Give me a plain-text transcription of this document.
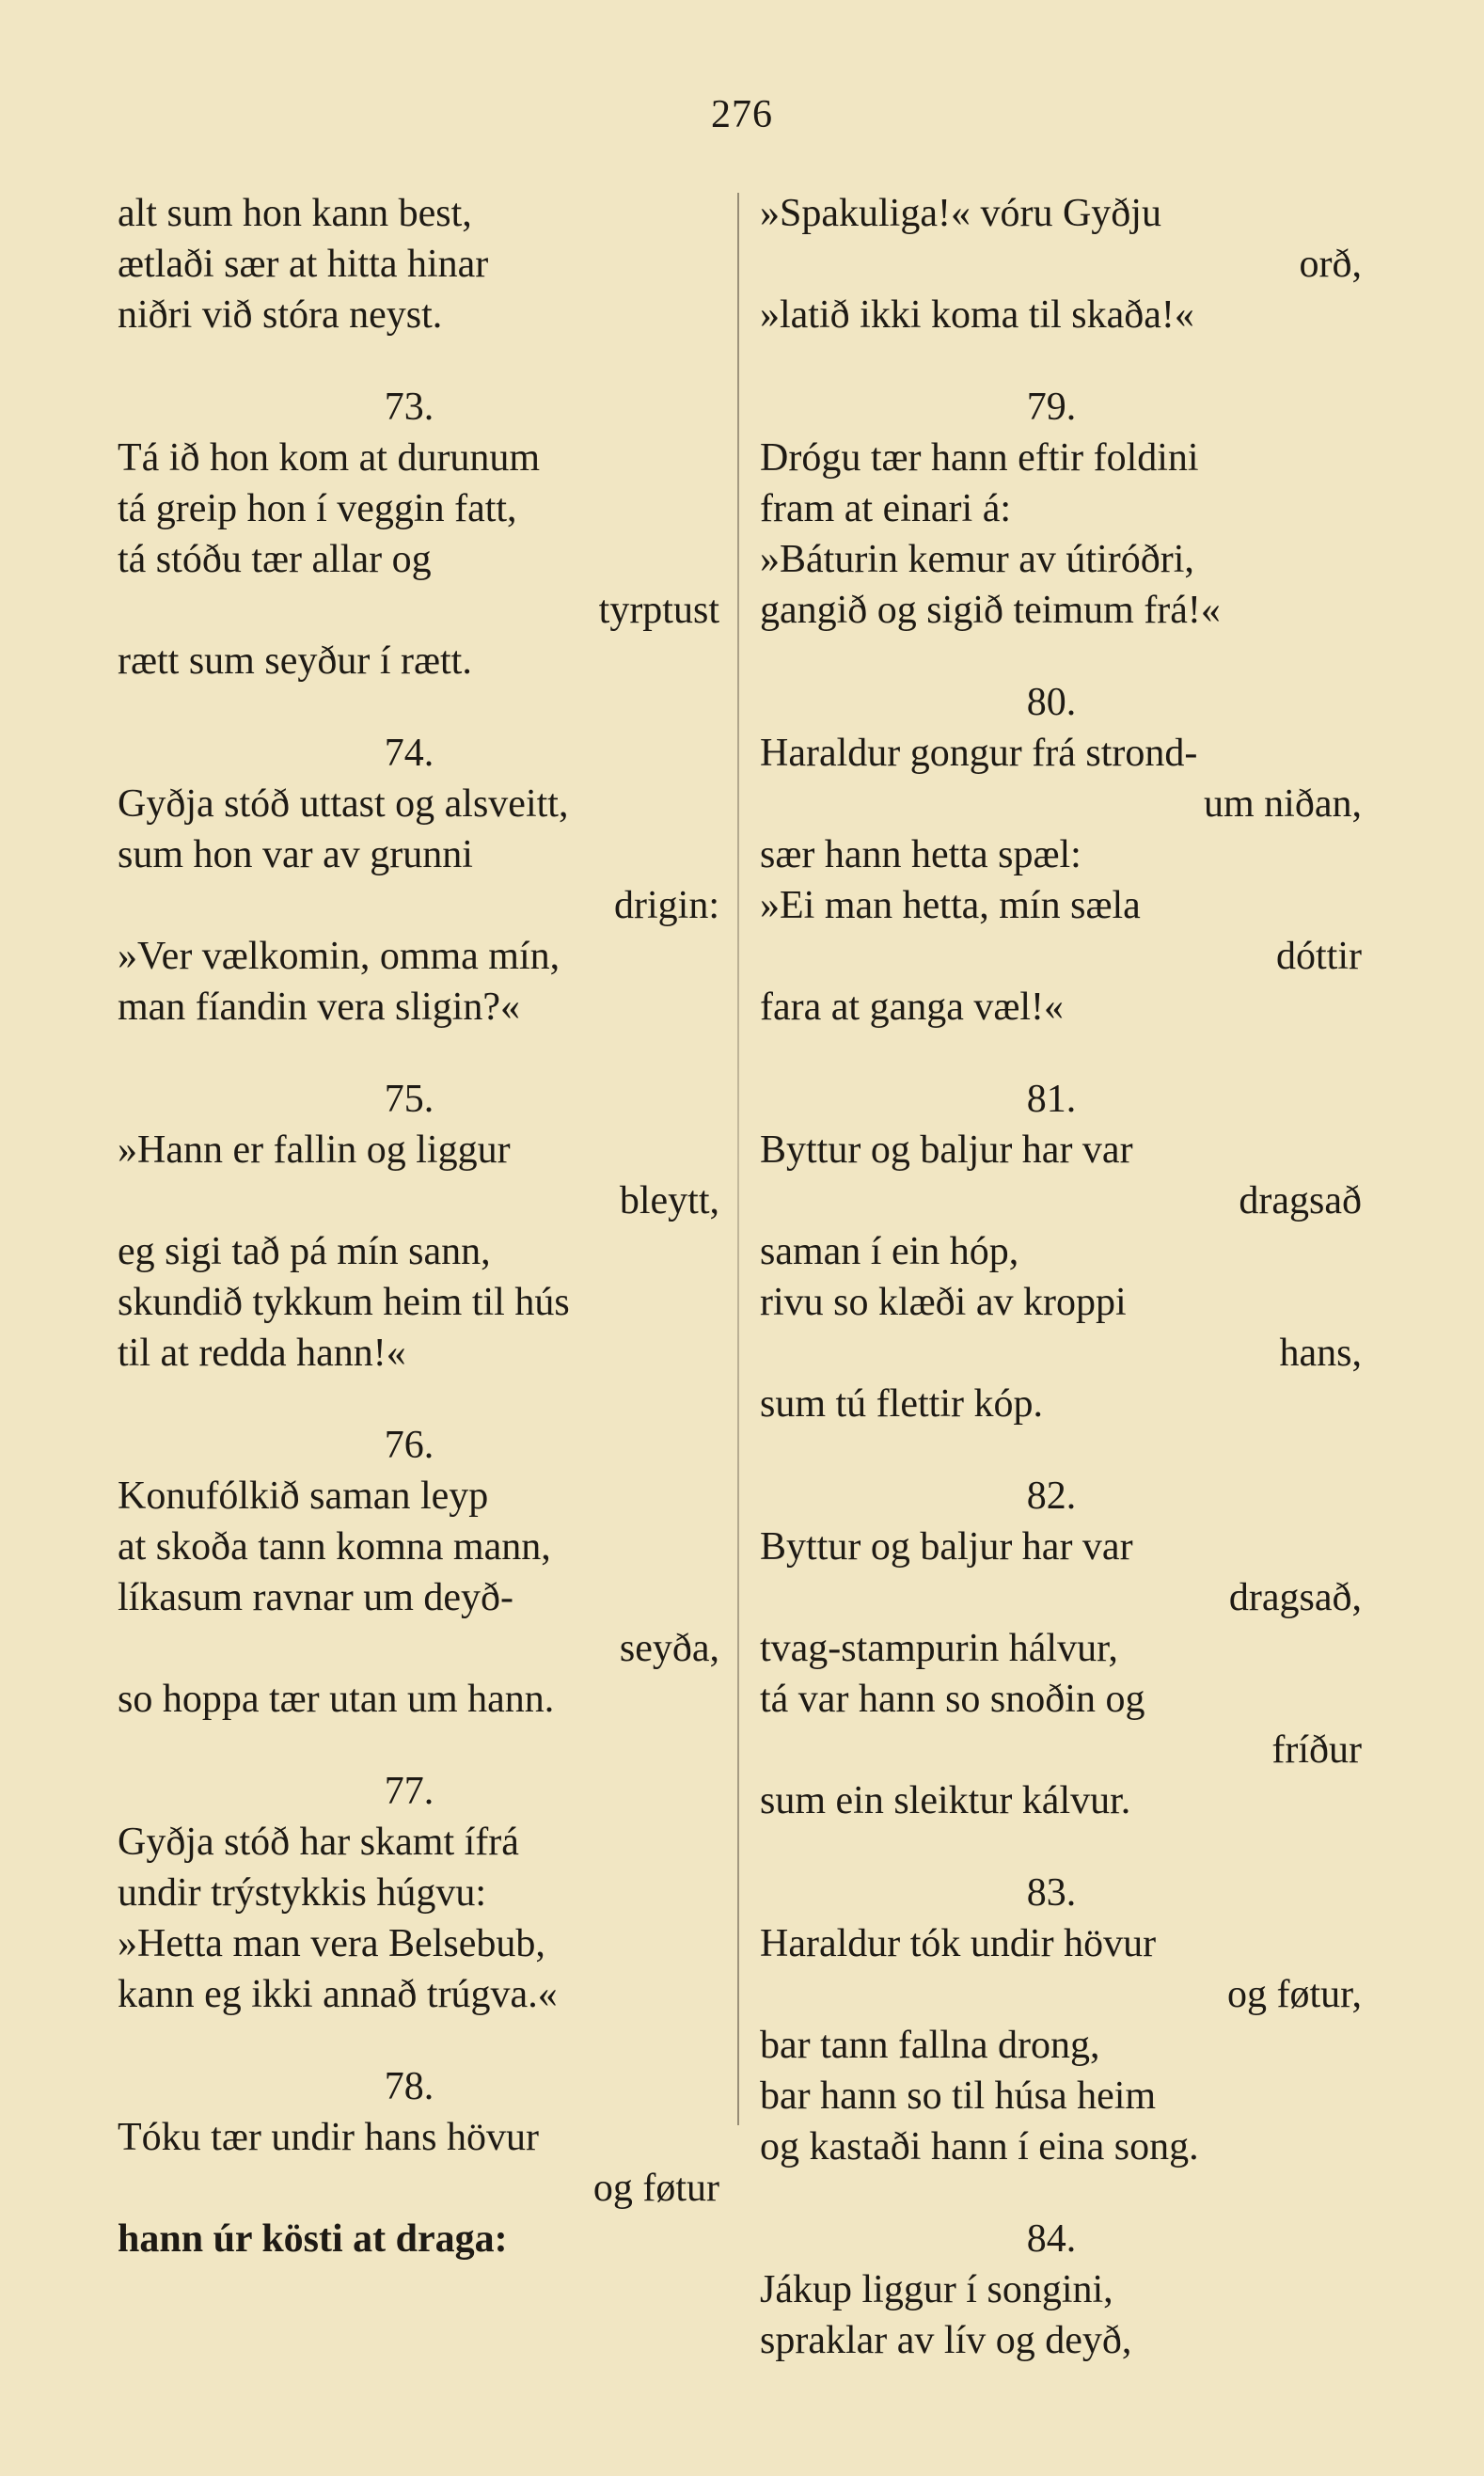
276
alt sum hon kann best,
ætlaði sær at hitta hinar
niðri við stóra neyst.
73.
Tá ið hon kom at durunum
tá greip hon í veggin fatt,
tá stóðu tær allar og
tyrptust
rætt sum seyður í rætt.
74.
Gyðja stóð uttast og alsveitt,
sum hon var av grunni
drigin:
»Ver vælkomin, omma mín,
man fíandin vera sligin?«
75.
»Hann er fallin og liggur
bleytt,
eg sigi tað pá mín sann,
skundið tykkum heim til hús
til at redda hann!«
76.
Konufólkið saman leyp
at skoða tann komna mann,
líkasum ravnar um deyð-
seyða,
so hoppa tær utan um hann.
77.
Gyðja stóð har skamt ífrá
undir trýstykkis húgvu:
»Hetta man vera Belsebub,
kann eg ikki annað trúgva.«
78.
Tóku tær undir hans hövur
og føtur
hann úr kösti at draga:
»Spakuliga!« vóru Gyðju
orð,
»latið ikki koma til skaða!«
79.
Drógu tær hann eftir foldini
fram at einari á:
»Báturin kemur av útiróðri,
gangið og sigið teimum frá!«
80.
Haraldur gongur frá strond-
um niðan,
sær hann hetta spæl:
»Ei man hetta, mín sæla
dóttir
fara at ganga væl!«
81.
Byttur og baljur har var
dragsað
saman í ein hóp,
rivu so klæði av kroppi
hans,
sum tú flettir kóp.
82.
Byttur og baljur har var
dragsað,
tvag-stampurin hálvur,
tá var hann so snoðin og
fríður
sum ein sleiktur kálvur.
83.
Haraldur tók undir hövur
og føtur,
bar tann fallna drong,
bar hann so til húsa heim
og kastaði hann í eina song.
84.
Jákup liggur í songini,
spraklar av lív og deyð,
